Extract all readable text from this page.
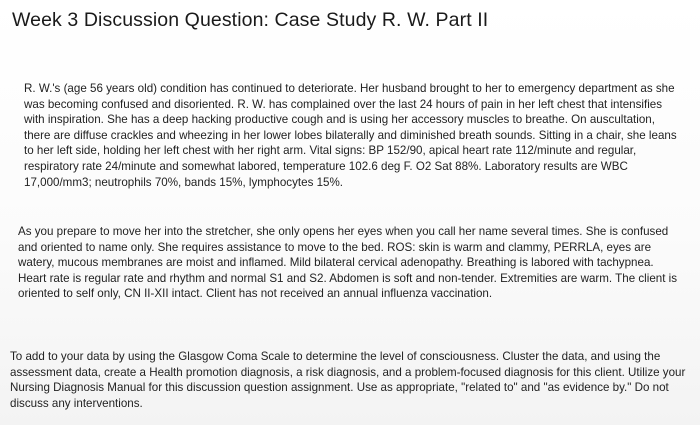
Week 3 Discussion Question: Case Study R. W. Part II

R. W.'s (age 56 years old) condition has continued to deteriorate. Her husband brought to her to emergency department as she was becoming confused and disoriented. R. W. has complained over the last 24 hours of pain in her left chest that intensifies with inspiration. She has a deep hacking productive cough and is using her accessory muscles to breathe. On auscultation, there are diffuse crackles and wheezing in her lower lobes bilaterally and diminished breath sounds. Sitting in a chair, she leans to her left side, holding her left chest with her right arm. Vital signs: BP 152/90, apical heart rate 112/minute and regular, respiratory rate 24/minute and somewhat labored, temperature 102.6 deg F. O2 Sat 88%. Laboratory results are WBC 17,000/mm3; neutrophils 70%, bands 15%, lymphocytes 15%.

As you prepare to move her into the stretcher, she only opens her eyes when you call her name several times. She is confused and oriented to name only. She requires assistance to move to the bed. ROS: skin is warm and clammy, PERRLA, eyes are watery, mucous membranes are moist and inflamed. Mild bilateral cervical adenopathy. Breathing is labored with tachypnea. Heart rate is regular rate and rhythm and normal S1 and S2. Abdomen is soft and non-tender. Extremities are warm. The client is oriented to self only, CN II-XII intact. Client has not received an annual influenza vaccination.

To add to your data by using the Glasgow Coma Scale to determine the level of consciousness. Cluster the data, and using the assessment data, create a Health promotion diagnosis, a risk diagnosis, and a problem-focused diagnosis for this client. Utilize your Nursing Diagnosis Manual for this discussion question assignment. Use as appropriate, "related to" and "as evidence by." Do not discuss any interventions.
